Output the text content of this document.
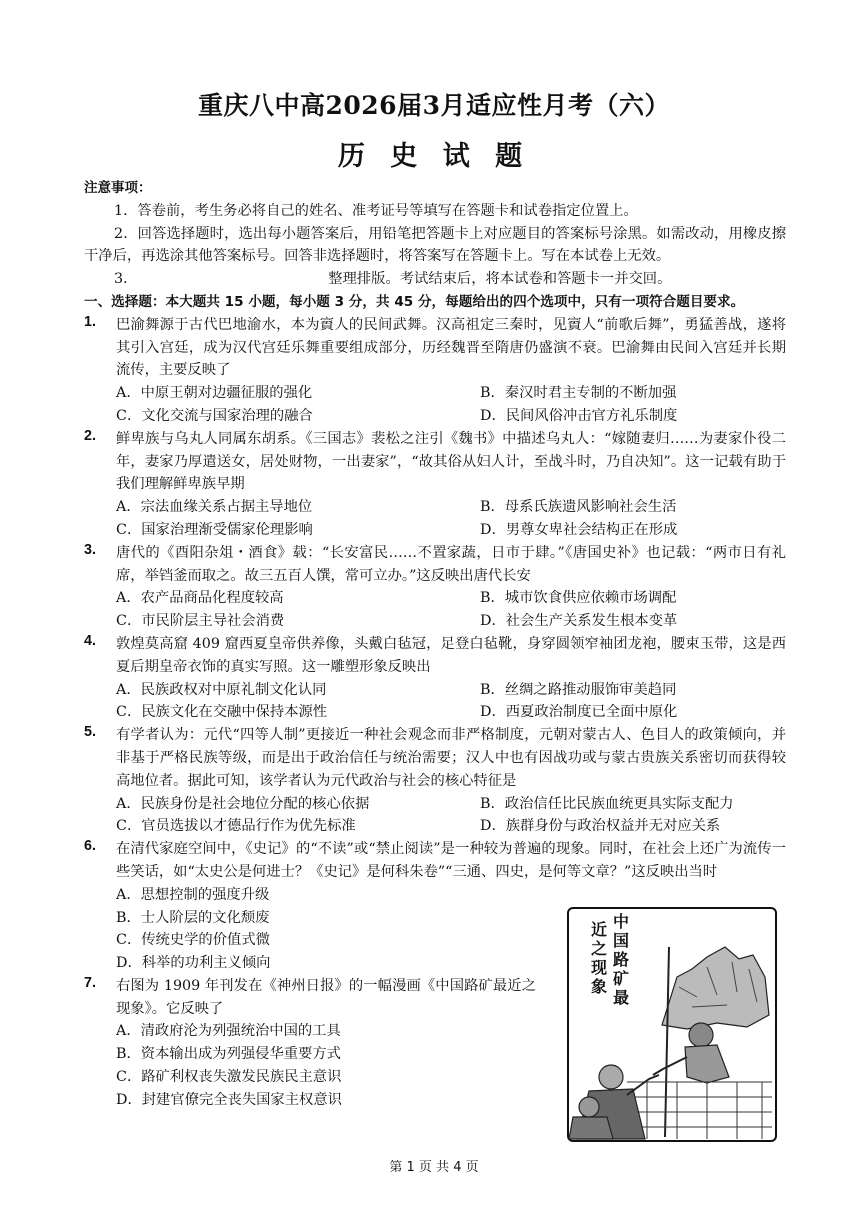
重庆八中高2026届3月适应性月考（六）
历 史 试 题
注意事项：
1．答卷前，考生务必将自己的姓名、准考证号等填写在答题卡和试卷指定位置上。
2．回答选择题时，选出每小题答案后，用铅笔把答题卡上对应题目的答案标号涂黑。如需改动，用橡皮擦干净后，再选涂其他答案标号。回答非选择题时，将答案写在答题卡上。写在本试卷上无效。
3．                                          整理排版。考试结束后，将本试卷和答题卡一并交回。
一、选择题：本大题共 15 小题，每小题 3 分，共 45 分，每题给出的四个选项中，只有一项符合题目要求。
1. 巴渝舞源于古代巴地渝水，本为賨人的民间武舞。汉高祖定三秦时，见賨人“前歌后舞”，勇猛善战，遂将其引入宫廷，成为汉代宫廷乐舞重要组成部分，历经魏晋至隋唐仍盛演不衰。巴渝舞由民间入宫廷并长期流传，主要反映了
A．中原王朝对边疆征服的强化	B．秦汉时君主专制的不断加强
C．文化交流与国家治理的融合	D．民间风俗冲击官方礼乐制度
2. 鲜卑族与乌丸人同属东胡系。《三国志》裴松之注引《魏书》中描述乌丸人：“嫁随妻归……为妻家仆役二年，妻家乃厚遣送女，居处财物，一出妻家”，“故其俗从妇人计，至战斗时，乃自决知”。这一记载有助于我们理解鲜卑族早期
A．宗法血缘关系占据主导地位	B．母系氏族遗风影响社会生活
C．国家治理渐受儒家伦理影响	D．男尊女卑社会结构正在形成
3. 唐代的《酉阳杂俎・酒食》载：“长安富民……不置家蔬，日市于肆。”《唐国史补》也记载：“两市日有礼席，举铛釜而取之。故三五百人馔，常可立办。”这反映出唐代长安
A．农产品商品化程度较高	B．城市饮食供应依赖市场调配
C．市民阶层主导社会消费	D．社会生产关系发生根本变革
4. 敦煌莫高窟 409 窟西夏皇帝供养像，头戴白毡冠，足登白毡靴，身穿圆领窄袖团龙袍，腰束玉带，这是西夏后期皇帝衣饰的真实写照。这一雕塑形象反映出
A．民族政权对中原礼制文化认同	B．丝绸之路推动服饰审美趋同
C．民族文化在交融中保持本源性	D．西夏政治制度已全面中原化
5. 有学者认为：元代“四等人制”更接近一种社会观念而非严格制度，元朝对蒙古人、色目人的政策倾向，并非基于严格民族等级，而是出于政治信任与统治需要；汉人中也有因战功或与蒙古贵族关系密切而获得较高地位者。据此可知，该学者认为元代政治与社会的核心特征是
A．民族身份是社会地位分配的核心依据	B．政治信任比民族血统更具实际支配力
C．官员选拔以才德品行作为优先标准	D．族群身份与政治权益并无对应关系
6. 在清代家庭空间中，《史记》的“不读”或“禁止阅读”是一种较为普遍的现象。同时，在社会上还广为流传一些笑话，如“太史公是何进士？《史记》是何科朱卷”“三通、四史，是何等文章？”这反映出当时
A．思想控制的强度升级
B．士人阶层的文化颓废
C．传统史学的价值式微
D．科举的功利主义倾向
7. 右图为 1909 年刊发在《神州日报》的一幅漫画《中国路矿最近之现象》。它反映了
A．清政府沦为列强统治中国的工具
B．资本输出成为列强侵华重要方式
C．路矿利权丧失激发民族民主意识
D．封建官僚完全丧失国家主权意识
近之现象
中国路矿最
第 1 页 共 4 页
